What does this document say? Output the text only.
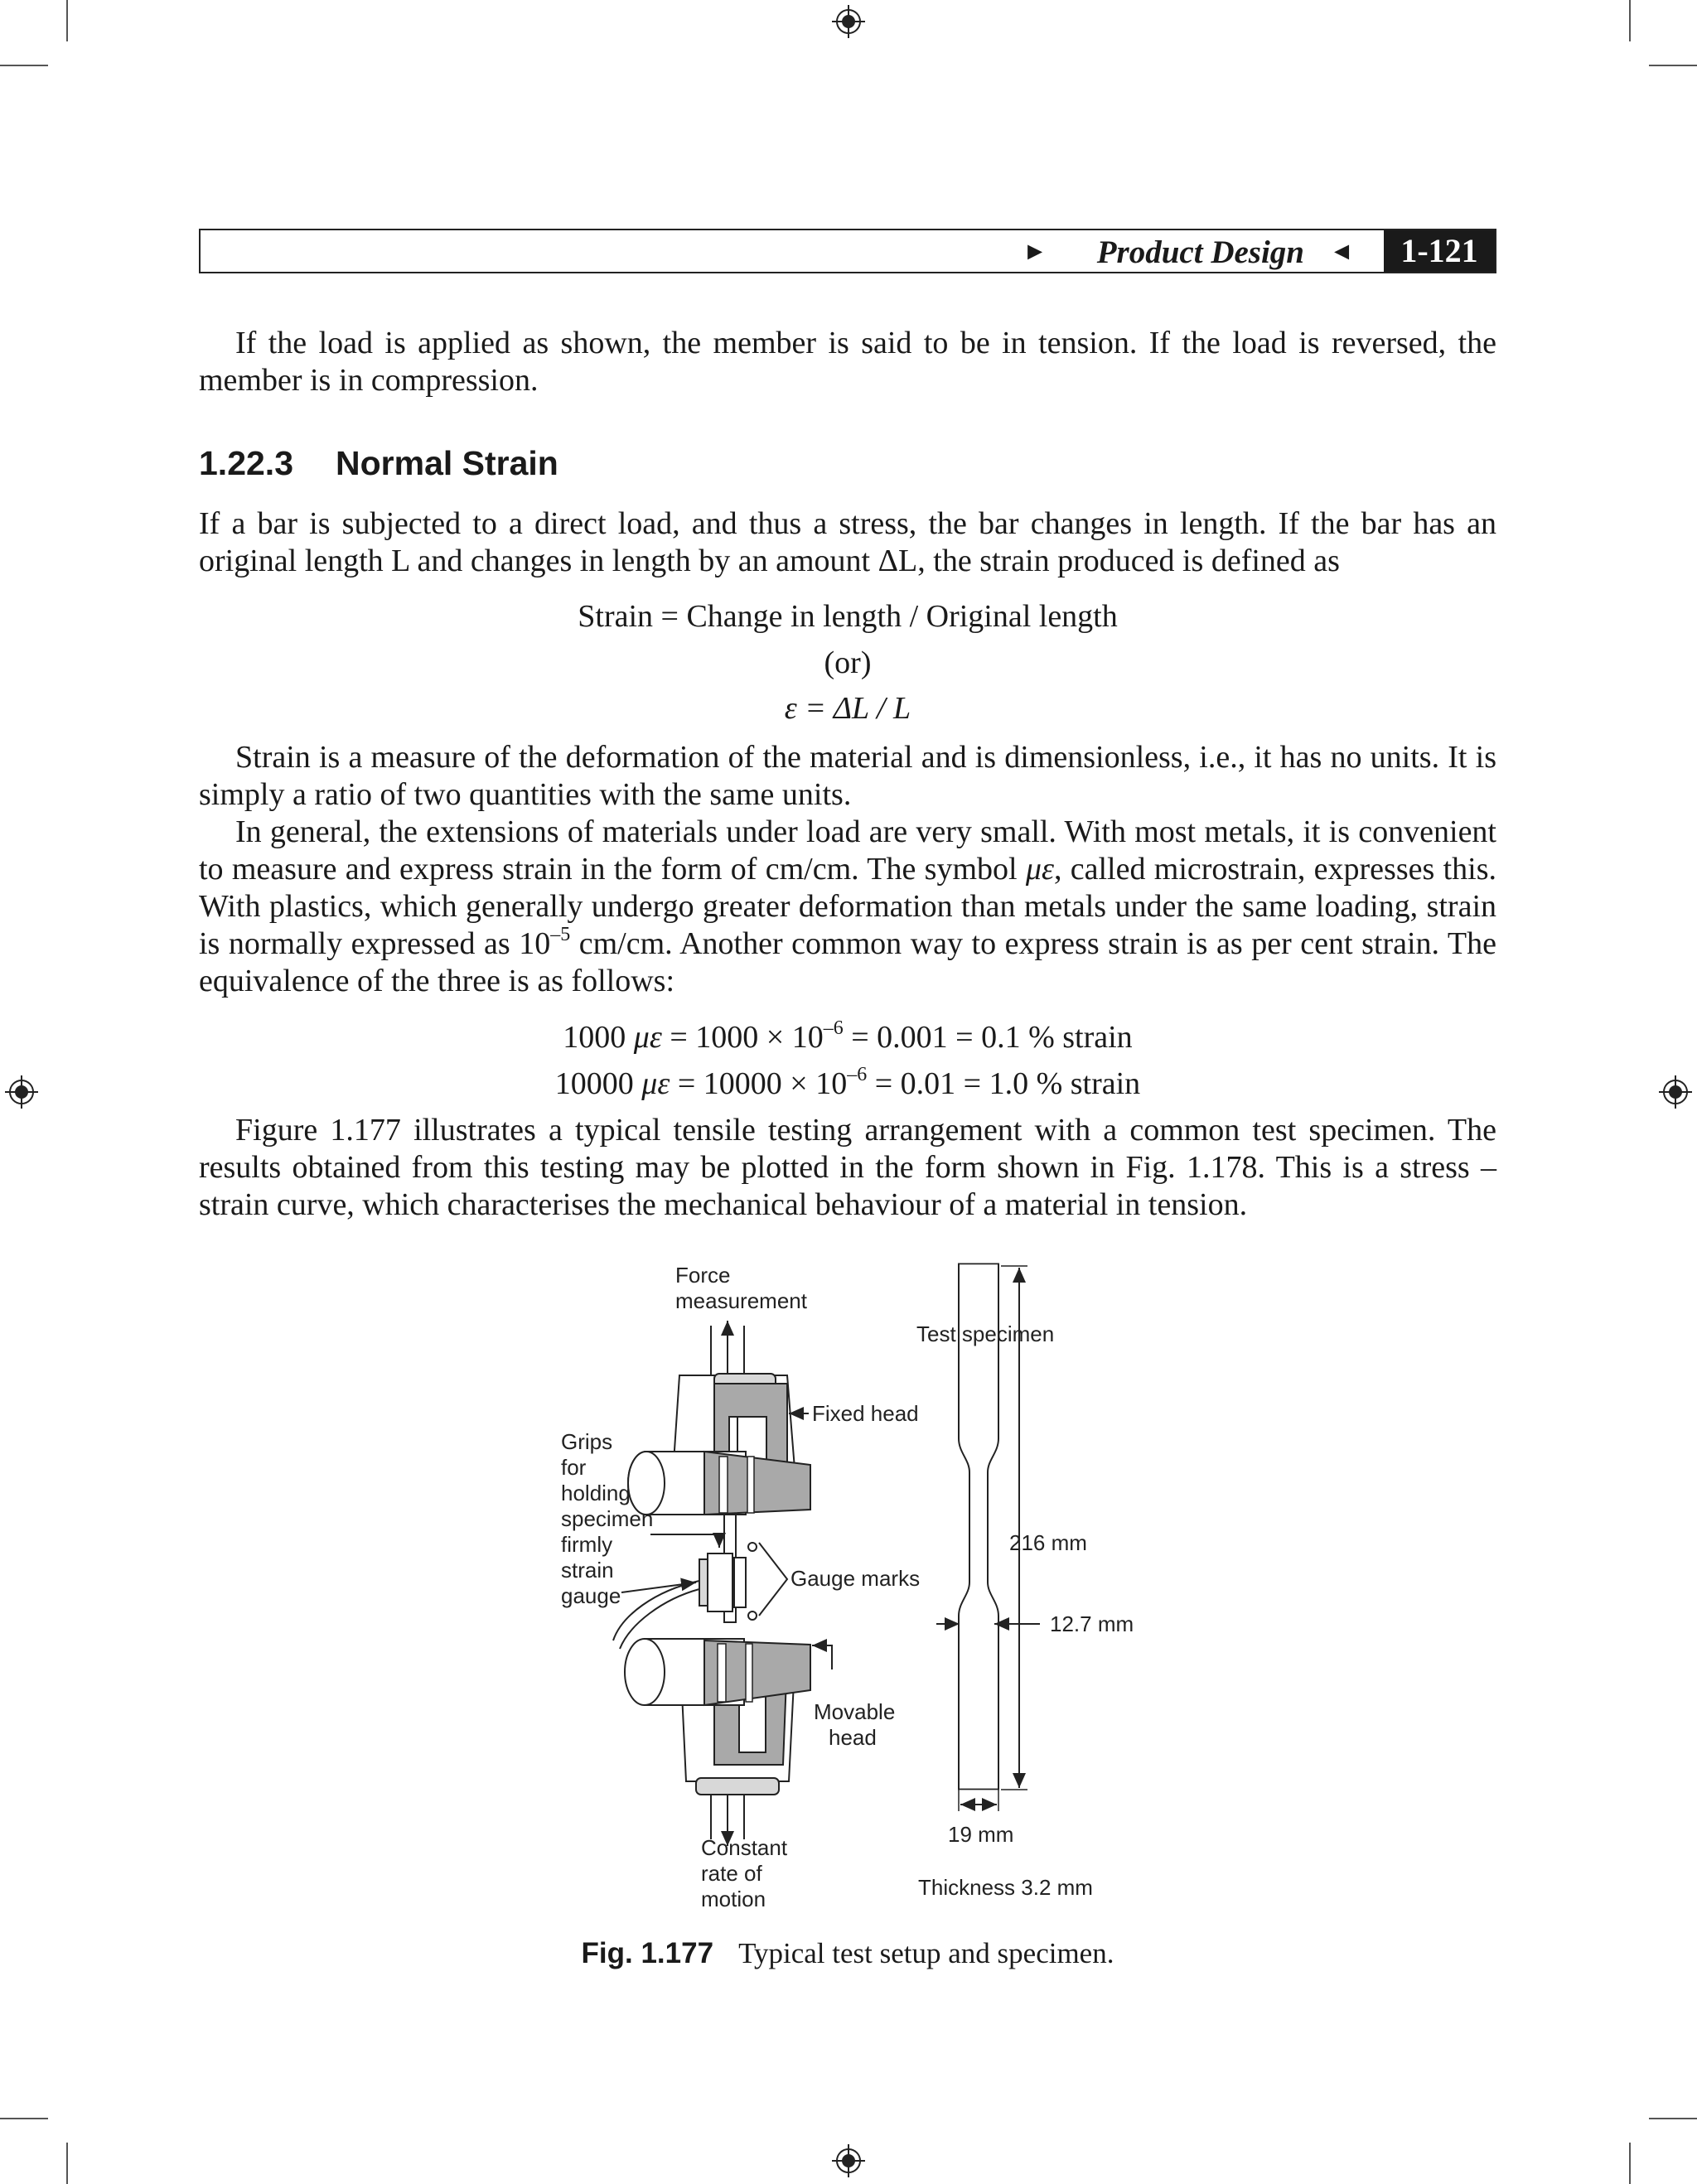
► Product Design ◄	1-121
If the load is applied as shown, the member is said to be in tension. If the load is reversed, the member is in compression.
1.22.3 Normal Strain
If a bar is subjected to a direct load, and thus a stress, the bar changes in length. If the bar has an original length L and changes in length by an amount ΔL, the strain produced is defined as
Strain = Change in length / Original length
(or)
ε = ΔL / L
Strain is a measure of the deformation of the material and is dimensionless, i.e., it has no units. It is simply a ratio of two quantities with the same units.
In general, the extensions of materials under load are very small. With most metals, it is convenient to measure and express strain in the form of cm/cm. The symbol με, called microstrain, expresses this. With plastics, which generally undergo greater deformation than metals under the same loading, strain is normally expressed as $10^{-5}$ cm/cm. Another common way to express strain is as per cent strain. The equivalence of the three is as follows:
1000 $\mu\varepsilon = 1000 \times 10^{-6} = 0.001 = 0.1$ % strain
10000 $\mu\varepsilon = 10000 \times 10^{-6} = 0.01 = 1.0$ % strain
Figure 1.177 illustrates a typical tensile testing arrangement with a common test specimen. The results obtained from this testing may be plotted in the form shown in Fig. 1.178. This is a stress – strain curve, which characterises the mechanical behaviour of a material in tension.
Force
measurement
Test specimen
Fixed head
Grips
for
holding
specimen
firmly
strain
gauge
Gauge marks
216 mm
12.7 mm
Movable
head
19 mm
Constant
rate of
motion	Thickness 3.2 mm
Fig. 1.177 Typical test setup and specimen.
